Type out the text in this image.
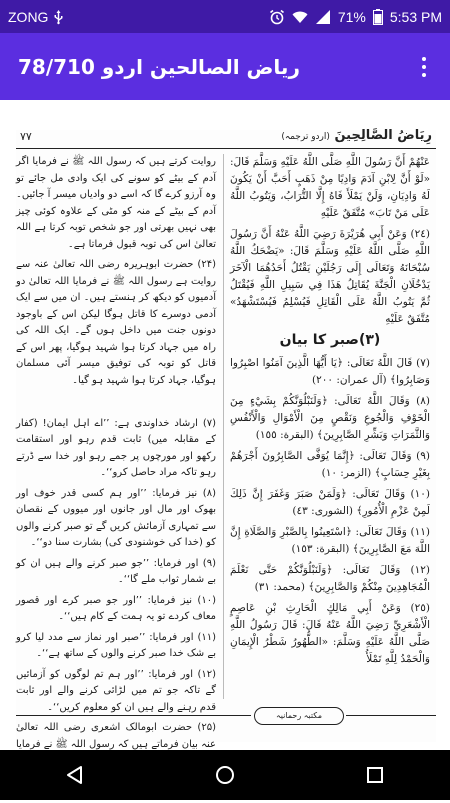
ZONG	71% 5:53 PM
78/710 رياض الصالحين اردو
٧٧	رِيَاضُ الصَّالِحِينَ (اردو ترجمہ)

عَنْهُمْ أَنَّ رَسُولَ اللَّهِ صَلَّى اللَّهُ عَلَيْهِ وَسَلَّمَ قَالَ: «لَوْ أَنَّ لِابْنِ آدَمَ وَادِيًا مِنْ ذَهَبٍ أَحَبَّ أَنْ يَكُونَ لَهُ وَادِيَانِ، وَلَنْ يَمْلَأَ فَاهُ إِلَّا التُّرَابُ، وَيَتُوبُ اللَّهُ عَلَى مَنْ تَابَ» مُتَّفَقٌ عَلَيْهِ

(٢٤) وَعَنْ أَبِي هُرَيْرَةَ رَضِيَ اللَّهُ عَنْهُ أَنَّ رَسُولَ اللَّهِ صَلَّى اللَّهُ عَلَيْهِ وَسَلَّمَ قَالَ: «يَضْحَكُ اللَّهُ سُبْحَانَهُ وَتَعَالَى إِلَى رَجُلَيْنِ يَقْتُلُ أَحَدُهُمَا الْآخَرَ يَدْخُلَانِ الْجَنَّةَ يُقَاتِلُ هَذَا فِي سَبِيلِ اللَّهِ فَيُقْتَلُ ثُمَّ يَتُوبُ اللَّهُ عَلَى الْقَاتِلِ فَيُسْلِمُ فَيُسْتَشْهَدُ» مُتَّفَقٌ عَلَيْهِ

(۳)صبر کا بیان

(٧) قَالَ اللَّهُ تَعَالَى: ﴿يَا أَيُّهَا الَّذِينَ آمَنُوا اصْبِرُوا وَصَابِرُوا﴾ (آل عمران: ٢٠٠)

(٨) وَقَالَ اللَّهُ تَعَالَى: ﴿وَلَنَبْلُوَنَّكُمْ بِشَيْءٍ مِنَ الْخَوْفِ وَالْجُوعِ وَنَقْصٍ مِنَ الْأَمْوَالِ وَالْأَنْفُسِ وَالثَّمَرَاتِ وَبَشِّرِ الصَّابِرِينَ﴾ (البقرة: ١٥٥)

(٩) وَقَالَ تَعَالَى: ﴿إِنَّمَا يُوَفَّى الصَّابِرُونَ أَجْرَهُمْ بِغَيْرِ حِسَابٍ﴾ (الزمر: ١٠)

(١٠) وَقَالَ تَعَالَى: ﴿وَلَمَنْ صَبَرَ وَغَفَرَ إِنَّ ذَلِكَ لَمِنْ عَزْمِ الْأُمُورِ﴾ (الشورى: ٤٣)

(١١) وَقَالَ تَعَالَى: ﴿اسْتَعِينُوا بِالصَّبْرِ وَالصَّلَاةِ إِنَّ اللَّهَ مَعَ الصَّابِرِينَ﴾ (البقرة: ١٥٣)

(١٢) وَقَالَ تَعَالَى: ﴿وَلَنَبْلُوَنَّكُمْ حَتَّى نَعْلَمَ الْمُجَاهِدِينَ مِنْكُمْ وَالصَّابِرِينَ﴾ (محمد: ٣١)

(٢٥) وَعَنْ أَبِي مَالِكٍ الْحَارِثِ بْنِ عَاصِمٍ الْأَشْعَرِيِّ رَضِيَ اللَّهُ عَنْهُ قَالَ: قَالَ رَسُولُ اللَّهِ صَلَّى اللَّهُ عَلَيْهِ وَسَلَّمَ: «الطُّهُورُ شَطْرُ الْإِيمَانِ وَالْحَمْدُ لِلَّهِ تَمْلَأُ

روایت کرتے ہیں کہ رسول اللہ ﷺ نے فرمایا اگر آدم کے بیٹے کو سونے کی ایک وادی مل جائے تو وہ آرزو کرے گا کہ اسے دو وادیاں میسر آ جائیں۔ آدم کے بیٹے کے منہ کو مٹی کے علاوہ کوئی چیز بھی نہیں بھرتی اور جو شخص توبہ کرتا ہے اللہ تعالیٰ اس کی توبہ قبول فرماتا ہے۔

(۲۴) حضرت ابوہریرہ رضی اللہ تعالیٰ عنہ سے روایت ہے رسول اللہ ﷺ نے فرمایا اللہ تعالیٰ دو آدمیوں کو دیکھ کر ہنستے ہیں۔ ان میں سے ایک آدمی دوسرے کا قاتل ہوگا لیکن اس کے باوجود دونوں جنت میں داخل ہوں گے۔ ایک اللہ کی راہ میں جہاد کرتا ہوا شہید ہوگیا، پھر اس کے قاتل کو توبہ کی توفیق میسر آئی مسلمان ہوگیا، جہاد کرتا ہوا شہید ہو گیا۔

(۷) ارشاد خداوندی ہے: ’’اے اہل ایمان! (کفار کے مقابلہ میں) ثابت قدم رہو اور استقامت رکھو اور مورچوں پر جمے رہو اور خدا سے ڈرتے رہو تاکہ مراد حاصل کرو‘‘۔

(۸) نیز فرمایا: ’’اور ہم کسی قدر خوف اور بھوک اور مال اور جانوں اور میووں کے نقصان سے تمہاری آزمائش کریں گے تو صبر کرنے والوں کو (خدا کی خوشنودی کی) بشارت سنا دو‘‘۔

(۹) اور فرمایا: ’’جو صبر کرنے والے ہیں ان کو بے شمار ثواب ملے گا‘‘۔

(۱۰) نیز فرمایا: ’’اور جو صبر کرے اور قصور معاف کردے تو یہ ہمت کے کام ہیں‘‘۔

(۱۱) اور فرمایا: ’’صبر اور نماز سے مدد لیا کرو بے شک خدا صبر کرنے والوں کے ساتھ ہے‘‘۔

(۱۲) اور فرمایا: ’’اور ہم تم لوگوں کو آزمائیں گے تاکہ جو تم میں لڑائی کرنے والے اور ثابت قدم رہنے والے ہیں ان کو معلوم کریں‘‘۔

(۲۵) حضرت ابومالک اشعری رضی اللہ تعالیٰ عنہ بیان فرماتے ہیں کہ رسول اللہ ﷺ نے فرمایا

مکتبہ رحمانیہ
